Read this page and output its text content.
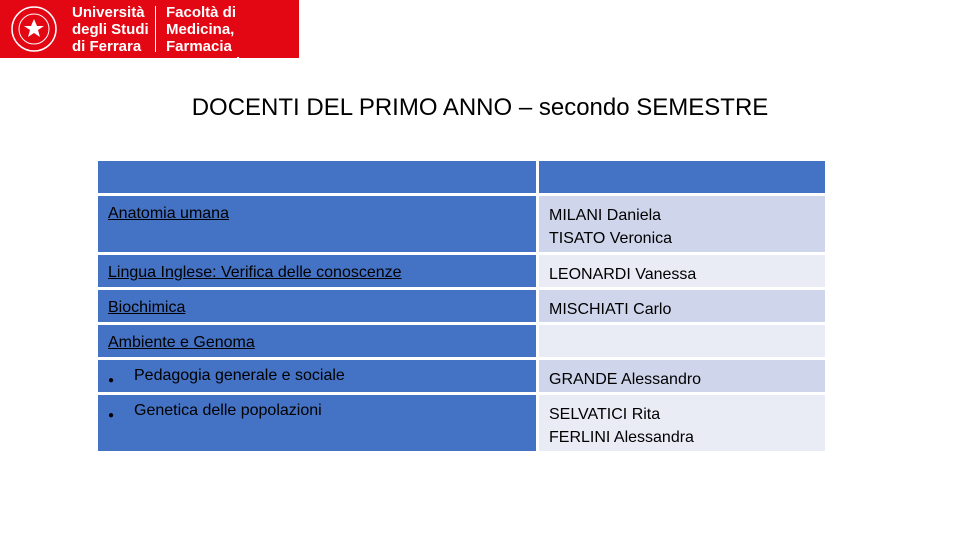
Università
degli Studi
di Ferrara
Facoltà di Medicina,
Farmacia
e Prevenzione
DOCENTI DEL PRIMO ANNO – secondo SEMESTRE

Anatomia umana	MILANI Daniela
TISATO Veronica

Lingua Inglese: Verifica delle conoscenze	LEONARDI Vanessa

Biochimica	MISCHIATI Carlo

Ambiente e Genoma	

● Pedagogia generale e sociale	GRANDE Alessandro

● Genetica delle popolazioni	SELVATICI Rita
FERLINI Alessandra
